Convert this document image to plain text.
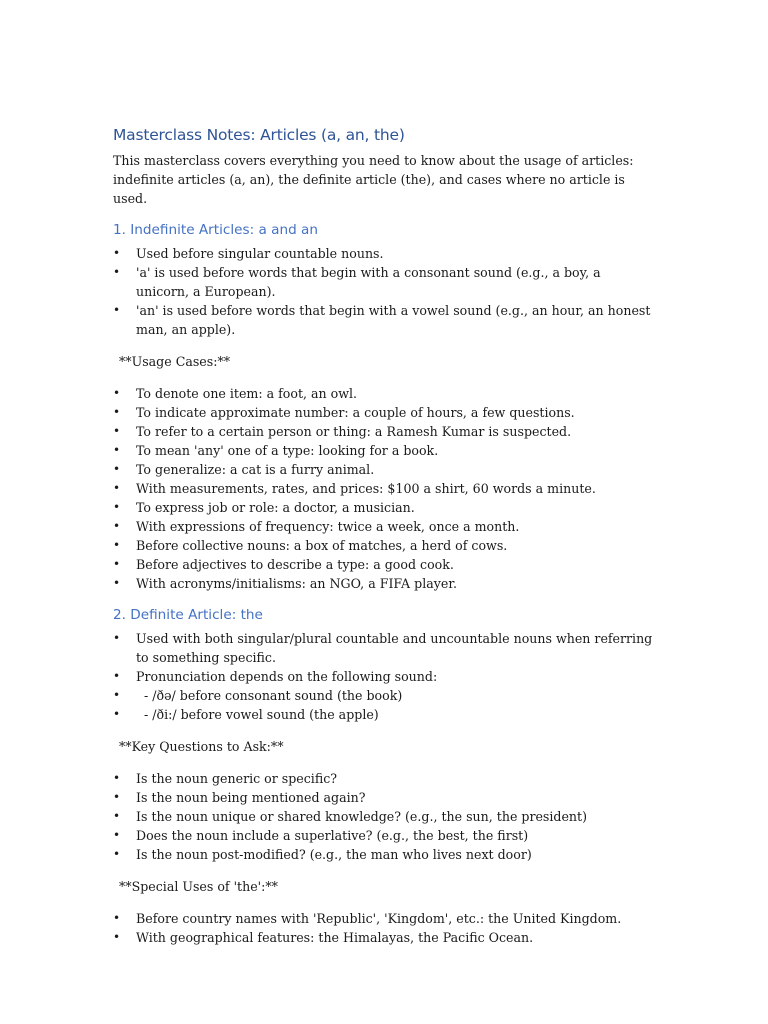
Masterclass Notes: Articles (a, an, the)

This masterclass covers everything you need to know about the usage of articles: indefinite articles (a, an), the definite article (the), and cases where no article is used.

1. Indefinite Articles: a and an
• Used before singular countable nouns.
• 'a' is used before words that begin with a consonant sound (e.g., a boy, a unicorn, a European).
• 'an' is used before words that begin with a vowel sound (e.g., an hour, an honest man, an apple).
**Usage Cases:**
• To denote one item: a foot, an owl.
• To indicate approximate number: a couple of hours, a few questions.
• To refer to a certain person or thing: a Ramesh Kumar is suspected.
• To mean 'any' one of a type: looking for a book.
• To generalize: a cat is a furry animal.
• With measurements, rates, and prices: $100 a shirt, 60 words a minute.
• To express job or role: a doctor, a musician.
• With expressions of frequency: twice a week, once a month.
• Before collective nouns: a box of matches, a herd of cows.
• Before adjectives to describe a type: a good cook.
• With acronyms/initialisms: an NGO, a FIFA player.
2. Definite Article: the
• Used with both singular/plural countable and uncountable nouns when referring to something specific.
• Pronunciation depends on the following sound:
• - /ðə/ before consonant sound (the book)
• - /ði:/ before vowel sound (the apple)
**Key Questions to Ask:**
• Is the noun generic or specific?
• Is the noun being mentioned again?
• Is the noun unique or shared knowledge? (e.g., the sun, the president)
• Does the noun include a superlative? (e.g., the best, the first)
• Is the noun post-modified? (e.g., the man who lives next door)
**Special Uses of 'the':**
• Before country names with 'Republic', 'Kingdom', etc.: the United Kingdom.
• With geographical features: the Himalayas, the Pacific Ocean.
